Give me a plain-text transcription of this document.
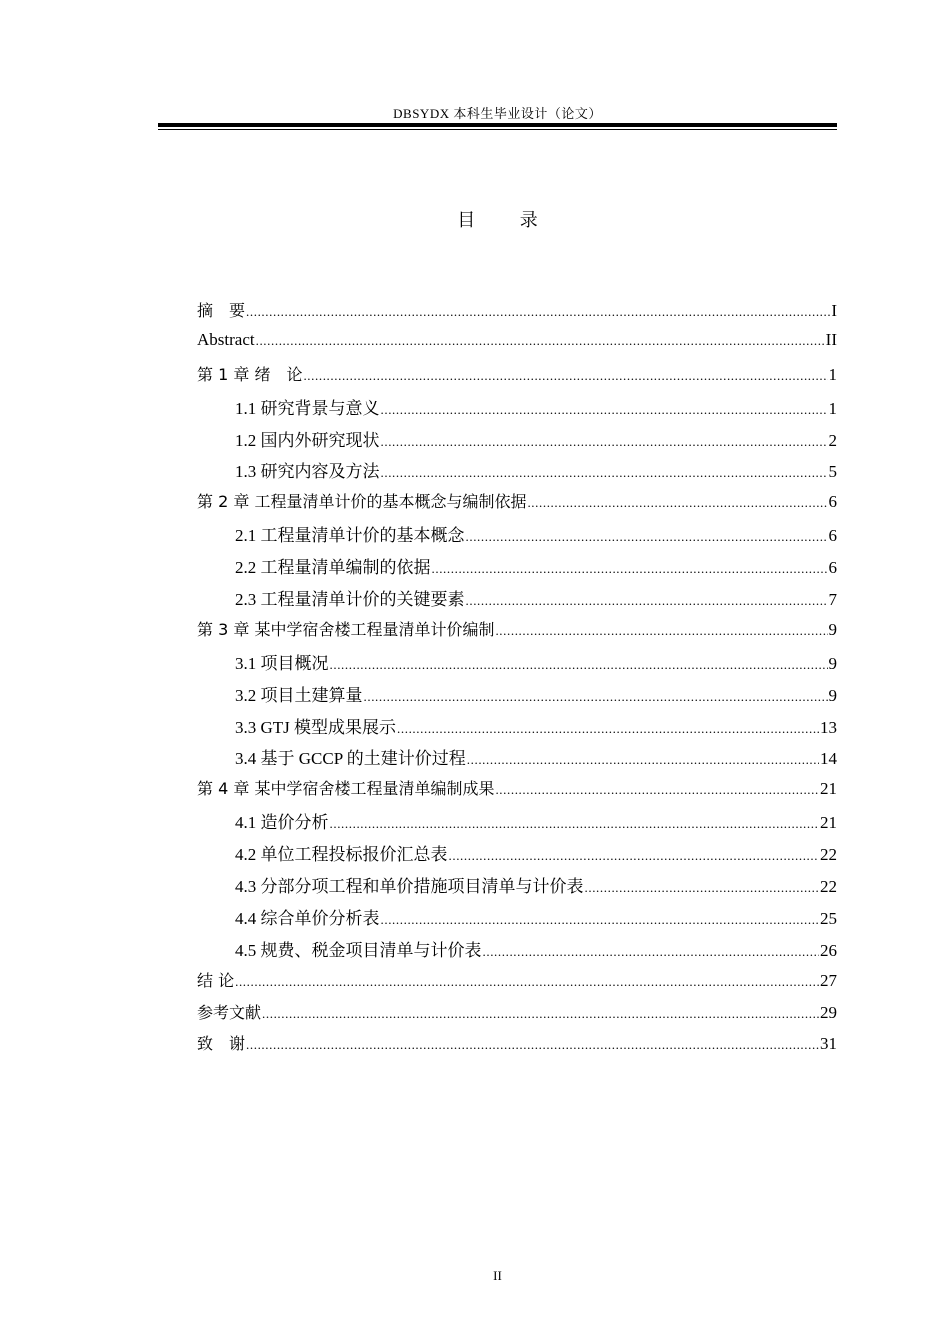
DBSYDX 本科生毕业设计（论文）
目 录
摘　要 .....	I
Abstract .....	II
第 1 章 绪　论 .....	1
1.1 研究背景与意义 .....	1
1.2 国内外研究现状 .....	2
1.3 研究内容及方法 .....	5
第 2 章 工程量清单计价的基本概念与编制依据 .....	6
2.1 工程量清单计价的基本概念 .....	6
2.2 工程量清单编制的依据 .....	6
2.3 工程量清单计价的关键要素 .....	7
第 3 章 某中学宿舍楼工程量清单计价编制 .....	9
3.1 项目概况 .....	9
3.2 项目土建算量 .....	9
3.3 GTJ 模型成果展示 .....	13
3.4 基于 GCCP 的土建计价过程 .....	14
第 4 章 某中学宿舍楼工程量清单编制成果 .....	21
4.1 造价分析 .....	21
4.2 单位工程投标报价汇总表 .....	22
4.3 分部分项工程和单价措施项目清单与计价表 .....	22
4.4 综合单价分析表 .....	25
4.5 规费、税金项目清单与计价表 .....	26
结 论 .....	27
参考文献 .....	29
致　谢 .....	31
II
